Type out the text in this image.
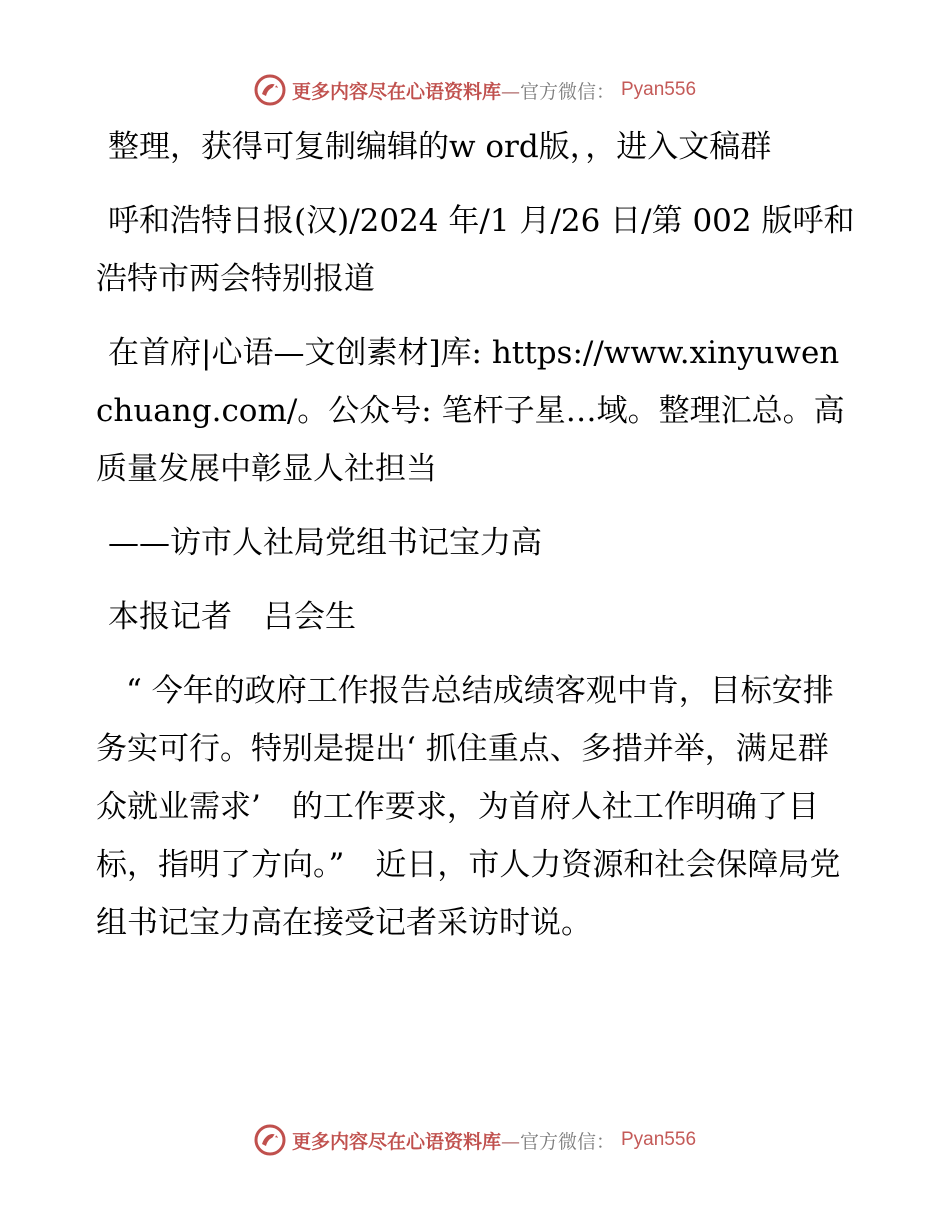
更多内容尽在心语资料库—官方微信： Pyan556

整理，获得可复制编辑的w ord版，，进入文稿群

呼和浩特日报(汉)/2024 年/1 月/26 日/第 002 版呼和浩特市两会特别报道

在首府|心语—文创素材]库: https://www.xinyuwenchuang.com/。公众号: 笔杆子星…域。整理汇总。高质量发展中彰显人社担当

——访市人社局党组书记宝力高

本报记者　吕会生

“ 今年的政府工作报告总结成绩客观中肯，目标安排务实可行。特别是提出‘ 抓住重点、多措并举，满足群众就业需求’　的工作要求，为首府人社工作明确了目标，指明了方向。”　近日，市人力资源和社会保障局党组书记宝力高在接受记者采访时说。

更多内容尽在心语资料库—官方微信： Pyan556
